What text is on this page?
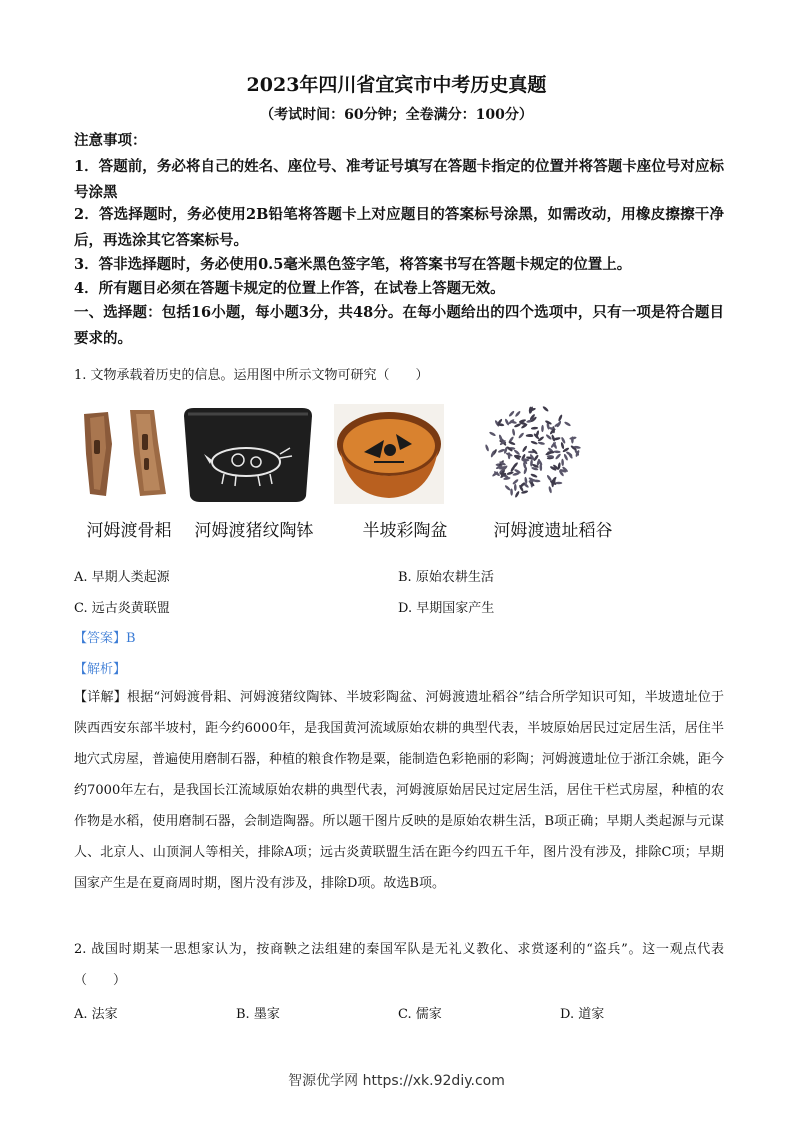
2023年四川省宜宾市中考历史真题
（考试时间：60分钟；全卷满分：100分）
注意事项：
1．答题前，务必将自己的姓名、座位号、准考证号填写在答题卡指定的位置并将答题卡座位号对应标号涂黑
2．答选择题时，务必使用2B铅笔将答题卡上对应题目的答案标号涂黑，如需改动，用橡皮擦擦干净后，再选涂其它答案标号。
3．答非选择题时，务必使用0.5毫米黑色签字笔，将答案书写在答题卡规定的位置上。
4．所有题目必须在答题卡规定的位置上作答，在试卷上答题无效。
一、选择题：包括16小题，每小题3分，共48分。在每小题给出的四个选项中，只有一项是符合题目要求的。
1. 文物承载着历史的信息。运用图中所示文物可研究（　　）
河姆渡骨耜	河姆渡猪纹陶钵	半坡彩陶盆	河姆渡遗址稻谷
A. 早期人类起源	B. 原始农耕生活
C. 远古炎黄联盟	D. 早期国家产生
【答案】B
【解析】
【详解】根据“河姆渡骨耜、河姆渡猪纹陶钵、半坡彩陶盆、河姆渡遗址稻谷”结合所学知识可知，半坡遗址位于陕西西安东部半坡村，距今约6000年，是我国黄河流域原始农耕的典型代表，半坡原始居民过定居生活，居住半地穴式房屋，普遍使用磨制石器，种植的粮食作物是粟，能制造色彩艳丽的彩陶；河姆渡遗址位于浙江余姚，距今约7000年左右，是我国长江流域原始农耕的典型代表，河姆渡原始居民过定居生活，居住干栏式房屋，种植的农作物是水稻，使用磨制石器，会制造陶器。所以题干图片反映的是原始农耕生活，B项正确；早期人类起源与元谋人、北京人、山顶洞人等相关，排除A项；远古炎黄联盟生活在距今约四五千年，图片没有涉及，排除C项；早期国家产生是在夏商周时期，图片没有涉及，排除D项。故选B项。
2. 战国时期某一思想家认为，按商鞅之法组建的秦国军队是无礼义教化、求赏逐利的“盗兵”。这一观点代表（　　）
A. 法家	B. 墨家	C. 儒家	D. 道家
智源优学网 https://xk.92diy.com
